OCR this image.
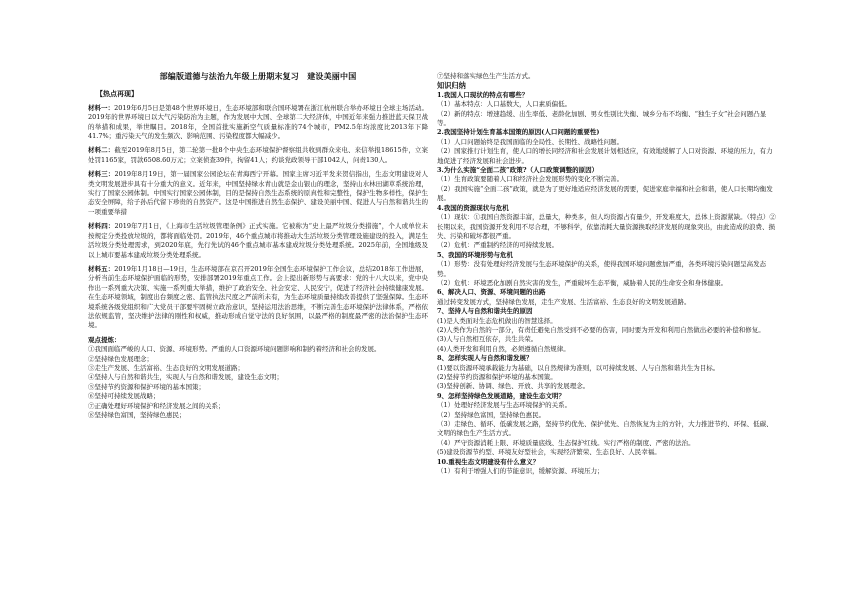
部编版道德与法治九年级上册期末复习　建设美丽中国
【热点再现】
材料一：2019年6月5日是第48个世界环境日，生态环境部和联合国环境署在浙江杭州联合举办环境日全球主场活动。2019年的世界环境日以大气污染防治为主题，作为发展中大国、全球第二大经济体，中国近年来强力推进蓝天保卫战的举措和成果，举世瞩目。2018年，全国首批实施新空气质量标准的74个城市，PM2.5年均浓度比2013年下降41.7%；重污染天气的发生频次、影响范围、污染程度都大幅减少。
材料二：截至2019年8月5日，第二轮第一批8个中央生态环境保护督察组共收到群众来电、来信举报18615件，立案处罚1165家，罚款6508.60万元；立案侦查39件，拘留41人；约谈党政领导干部1042人，问责130人。
材料三：2019年8月19日，第一届国家公园论坛在青海西宁开幕。国家主席习近平发来贺信指出，生态文明建设对人类文明发展进步具有十分重大的意义。近年来，中国坚持绿水青山就是金山银山的理念，坚持山水林田湖草系统治理，实行了国家公园体制。中国实行国家公园体制，目的是保持自然生态系统的原真性和完整性，保护生物多样性，保护生态安全屏障，给子孙后代留下珍贵的自然资产。这是中国推进自然生态保护、建设美丽中国、促进人与自然和谐共生的一项重要举措
材料四：2019年7月1日，《上海市生活垃圾管理条例》正式实施。它被称为“史上最严垃圾分类措施”，个人或单位未按规定分类投放垃圾的，都将面临处罚。2019年，46个重点城市将推动大生活垃圾分类管理设施建设的投入，满足生活垃圾分类处理需求，到2020年底，先行先试的46个重点城市基本建成垃圾分类处理系统。2025年前，全国地级及以上城市要基本建成垃圾分类处理系统。
材料五：2019年1月18日—19日，生态环境部在京召开2019年全国生态环境保护工作会议，总结2018年工作进展，分析当前生态环境保护面临的形势，安排部署2019年重点工作。会上提出新形势与高要求：党的十八大以来，党中央作出一系列重大决策、实施一系列重大举措，维护了政治安全、社会安定、人民安宁，促进了经济社会持续健康发展。在生态环境领域，制度出台频度之密、监管执法尺度之严前所未有，为生态环境质量持续改善提供了坚强保障。生态环境系统各级党组织和广大党员干部要牢固树立政治意识，坚持运用法治思维，不断完善生态环境保护法律体系，严格依法依规监管，坚决维护法律的刚性和权威，推动形成自觉守法的良好氛围，以最严格的制度最严密的法治保护生态环境。
观点提炼：
①我国面临严峻的人口、资源、环境形势。严重的人口资源环境问题影响和制约着经济和社会的发展。
②坚持绿色发展理念；
③走生产发展、生活富裕、生态良好的文明发展道路；
④坚持人与自然和谐共生，实现人与自然和谐发展，建设生态文明；
⑤坚持节约资源和保护环境的基本国策；
⑥坚持可持续发展战略；
⑦正确处理好环境保护和经济发展之间的关系；
⑧坚持绿色富国，坚持绿色惠民；
⑦坚持和落实绿色生产生活方式。
知识归纳
1.我国人口现状的特点有哪些？
（1）基本特点：人口基数大，人口素质偏低。
（2）新的特点：增速趋缓、出生率低、老龄化加剧、男女性别比失衡、城乡分布不均衡、“独生子女”社会问题凸显等。
2.我国坚持计划生育基本国策的原因(人口问题的重要性)
（1）人口问题始终是我国面临的全局性、长期性、战略性问题。
（2）国家推行计划生育，使人口的增长同经济和社会发展计划相适应，有效地缓解了人口对资源、环境的压力，有力地促进了经济发展和社会进步。
3.为什么实施“全面二孩”政策?（人口政策调整的原因）
（1）生育政策要随着人口和经济社会发展形势的变化不断完善。
（2）我国实施“全面二孩”政策，就是为了更好地适应经济发展的需要，促进家庭幸福和社会和谐，使人口长期均衡发展。
4.我国的资源现状与危机
（1）现状：①我国自然资源丰富，总量大，种类多，但人均资源占有量少，开发难度大，总体上资源紧缺。（特点）②长期以来，我国资源开发利用不尽合理，不够科学，依靠消耗大量资源换取经济发展的现象突出，由此造成的浪费、损失、污染和破坏都很严重。
（2）危机：严重制约经济的可持续发展。
5、我国的环境形势与危机
（1）形势：没有处理好经济发展与生态环境保护的关系，使得我国环境问题愈加严重，各类环境污染问题呈高发态势。
（2）危机：环境恶化加剧自然灾害的发生，严重破坏生态平衡，威胁着人民的生命安全和身体健康。
6、解决人口、资源、环境问题的出路
通过转变发展方式，坚持绿色发展，走生产发展、生活富裕、生态良好的文明发展道路。
7、坚持人与自然和谐共生的原因
(1)是人类面对生态危机做出的智慧选择。
(2)人类作为自然的一部分，有责任避免自然受到不必要的伤害，同时要为开发和利用自然做出必要的补偿和修复。
(3)人与自然相互依存，共生共荣。
(4)人类开发和利用自然，必须遵循自然规律。
8、怎样实现人与自然和谐发展？
(1)要以资源环境承载能力为基础，以自然规律为准则，以可持续发展、人与自然和谐共生为目标。
(2)坚持节约资源和保护环境的基本国策。
(3)坚持创新、协调、绿色、开放、共享的发展理念。
9、怎样坚持绿色发展道路，建设生态文明？
（1）处理好经济发展与生态环境保护的关系。
（2）坚持绿色富国，坚持绿色惠民。
（3）走绿色、循环、低碳发展之路，坚持节约优先、保护优先、自然恢复为主的方针，大力推进节约、环保、低碳、文明的绿色生产生活方式。
（4）严守资源消耗上限、环境质量底线、生态保护红线。实行严格的制度、严密的法治。
(5)建设资源节约型、环境友好型社会，实现经济繁荣、生态良好、人民幸福。
10.重视生态文明建设有什么意义？
（1）有利于增强人们的节能意识，缓解资源、环境压力；
